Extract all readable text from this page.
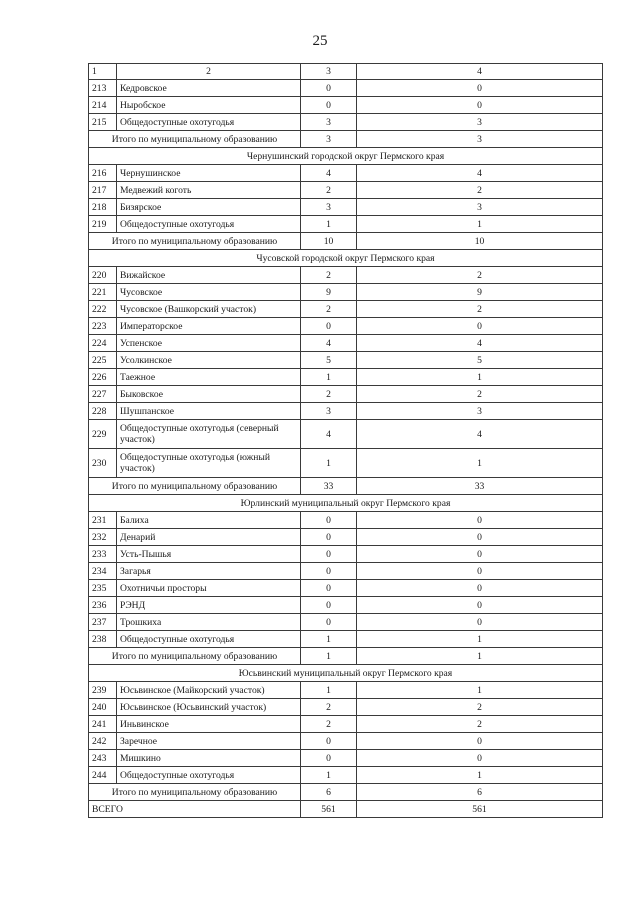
25
1	2	3	4
213	Кедровское	0	0
214	Ныробское	0	0
215	Общедоступные охотугодья	3	3
Итого по муниципальному образованию		3	3
Чернушинский городской округ Пермского края			
216	Чернушинское	4	4
217	Медвежий коготь	2	2
218	Бизярское	3	3
219	Общедоступные охотугодья	1	1
Итого по муниципальному образованию		10	10
Чусовской городской округ Пермского края			
220	Вижайское	2	2
221	Чусовское	9	9
222	Чусовское (Вашкорский участок)	2	2
223	Императорское	0	0
224	Успенское	4	4
225	Усолкинское	5	5
226	Таежное	1	1
227	Быковское	2	2
228	Шушпанское	3	3
229	Общедоступные охотугодья (северный участок)	4	4
230	Общедоступные охотугодья (южный участок)	1	1
Итого по муниципальному образованию		33	33
Юрлинский муниципальный округ Пермского края			
231	Балиха	0	0
232	Денарий	0	0
233	Усть-Пышья	0	0
234	Загарья	0	0
235	Охотничьи просторы	0	0
236	РЭНД	0	0
237	Трошкиха	0	0
238	Общедоступные охотугодья	1	1
Итого по муниципальному образованию		1	1
Юсьвинский муниципальный округ Пермского края			
239	Юсьвинское (Майкорский участок)	1	1
240	Юсьвинское (Юсьвинский участок)	2	2
241	Иньвинское	2	2
242	Заречное	0	0
243	Мишкино	0	0
244	Общедоступные охотугодья	1	1
Итого по муниципальному образованию		6	6
ВСЕГО		561	561
